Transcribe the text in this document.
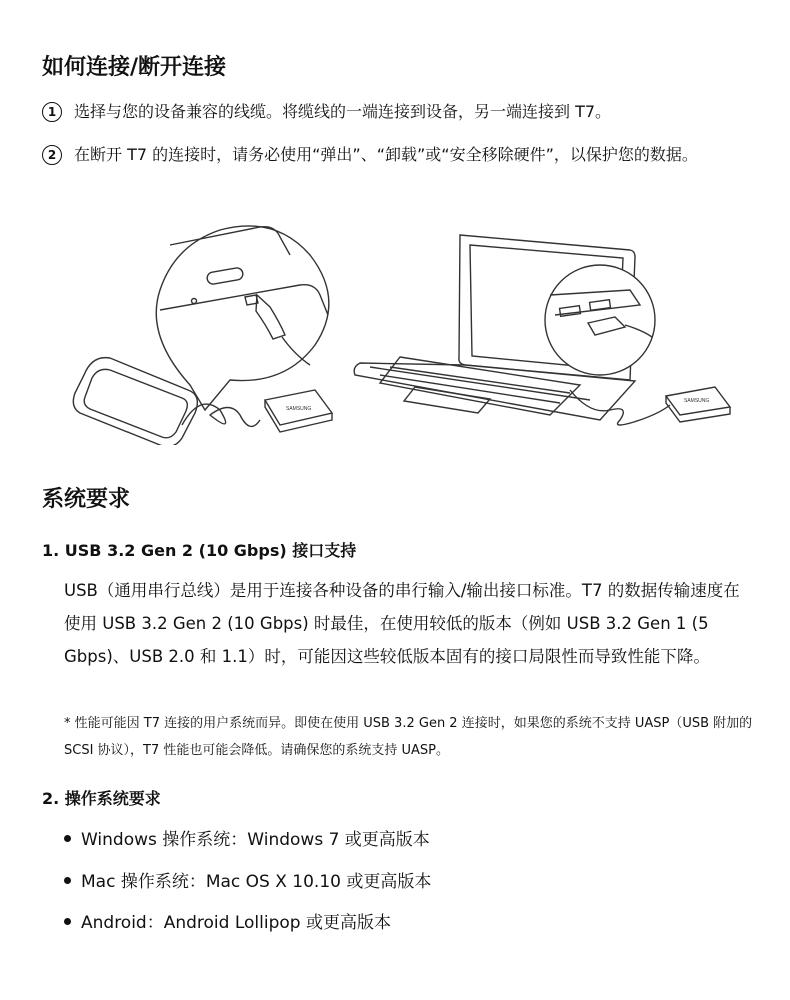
如何连接/断开连接
1	选择与您的设备兼容的线缆。将缆线的一端连接到设备，另一端连接到 T7。
2	在断开 T7 的连接时，请务必使用“弹出”、“卸载”或“安全移除硬件”，以保护您的数据。
SAMSUNG
SAMSUNG
系统要求
1. USB 3.2 Gen 2 (10 Gbps) 接口支持
USB（通用串行总线）是用于连接各种设备的串行输入/输出接口标准。T7 的数据传输速度在使用 USB 3.2 Gen 2 (10 Gbps) 时最佳，在使用较低的版本（例如 USB 3.2 Gen 1 (5 Gbps)、USB 2.0 和 1.1）时，可能因这些较低版本固有的接口局限性而导致性能下降。
* 性能可能因 T7 连接的用户系统而异。即使在使用 USB 3.2 Gen 2 连接时，如果您的系统不支持 UASP（USB 附加的 SCSI 协议），T7 性能也可能会降低。请确保您的系统支持 UASP。
2. 操作系统要求
Windows 操作系统：Windows 7 或更高版本
Mac 操作系统：Mac OS X 10.10 或更高版本
Android：Android Lollipop 或更高版本
